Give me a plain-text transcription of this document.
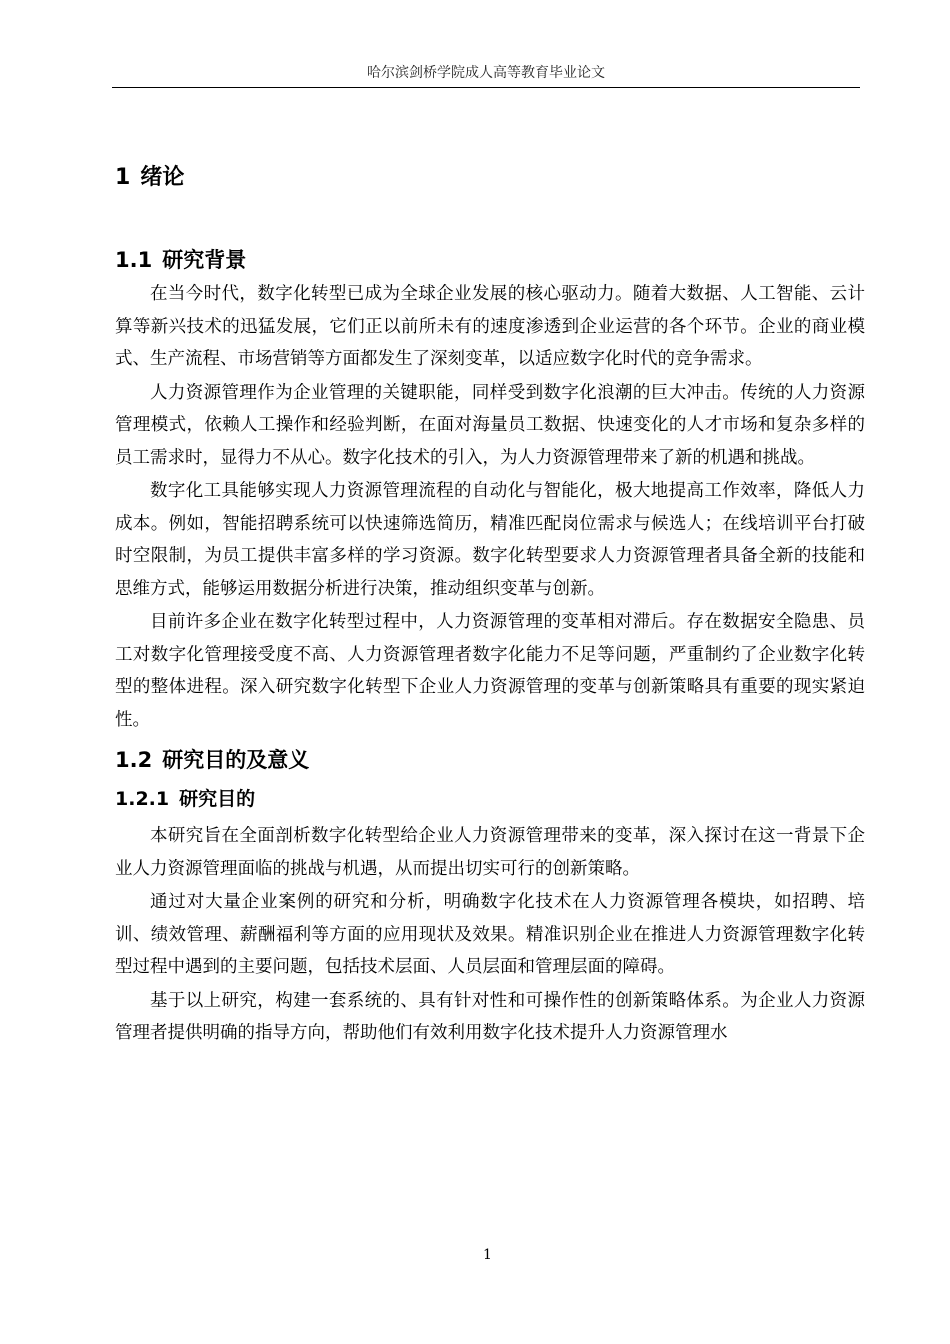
哈尔滨剑桥学院成人高等教育毕业论文
1 绪论
1.1 研究背景

在当今时代，数字化转型已成为全球企业发展的核心驱动力。随着大数据、人工智能、云计算等新兴技术的迅猛发展，它们正以前所未有的速度渗透到企业运营的各个环节。企业的商业模式、生产流程、市场营销等方面都发生了深刻变革，以适应数字化时代的竞争需求。

人力资源管理作为企业管理的关键职能，同样受到数字化浪潮的巨大冲击。传统的人力资源管理模式，依赖人工操作和经验判断，在面对海量员工数据、快速变化的人才市场和复杂多样的员工需求时，显得力不从心。数字化技术的引入，为人力资源管理带来了新的机遇和挑战。

数字化工具能够实现人力资源管理流程的自动化与智能化，极大地提高工作效率，降低人力成本。例如，智能招聘系统可以快速筛选简历，精准匹配岗位需求与候选人；在线培训平台打破时空限制，为员工提供丰富多样的学习资源。数字化转型要求人力资源管理者具备全新的技能和思维方式，能够运用数据分析进行决策，推动组织变革与创新。

目前许多企业在数字化转型过程中，人力资源管理的变革相对滞后。存在数据安全隐患、员工对数字化管理接受度不高、人力资源管理者数字化能力不足等问题，严重制约了企业数字化转型的整体进程。深入研究数字化转型下企业人力资源管理的变革与创新策略具有重要的现实紧迫性。

1.2 研究目的及意义
1.2.1 研究目的

本研究旨在全面剖析数字化转型给企业人力资源管理带来的变革，深入探讨在这一背景下企业人力资源管理面临的挑战与机遇，从而提出切实可行的创新策略。

通过对大量企业案例的研究和分析，明确数字化技术在人力资源管理各模块，如招聘、培训、绩效管理、薪酬福利等方面的应用现状及效果。精准识别企业在推进人力资源管理数字化转型过程中遇到的主要问题，包括技术层面、人员层面和管理层面的障碍。

基于以上研究，构建一套系统的、具有针对性和可操作性的创新策略体系。为企业人力资源管理者提供明确的指导方向，帮助他们有效利用数字化技术提升人力资源管理水

1
